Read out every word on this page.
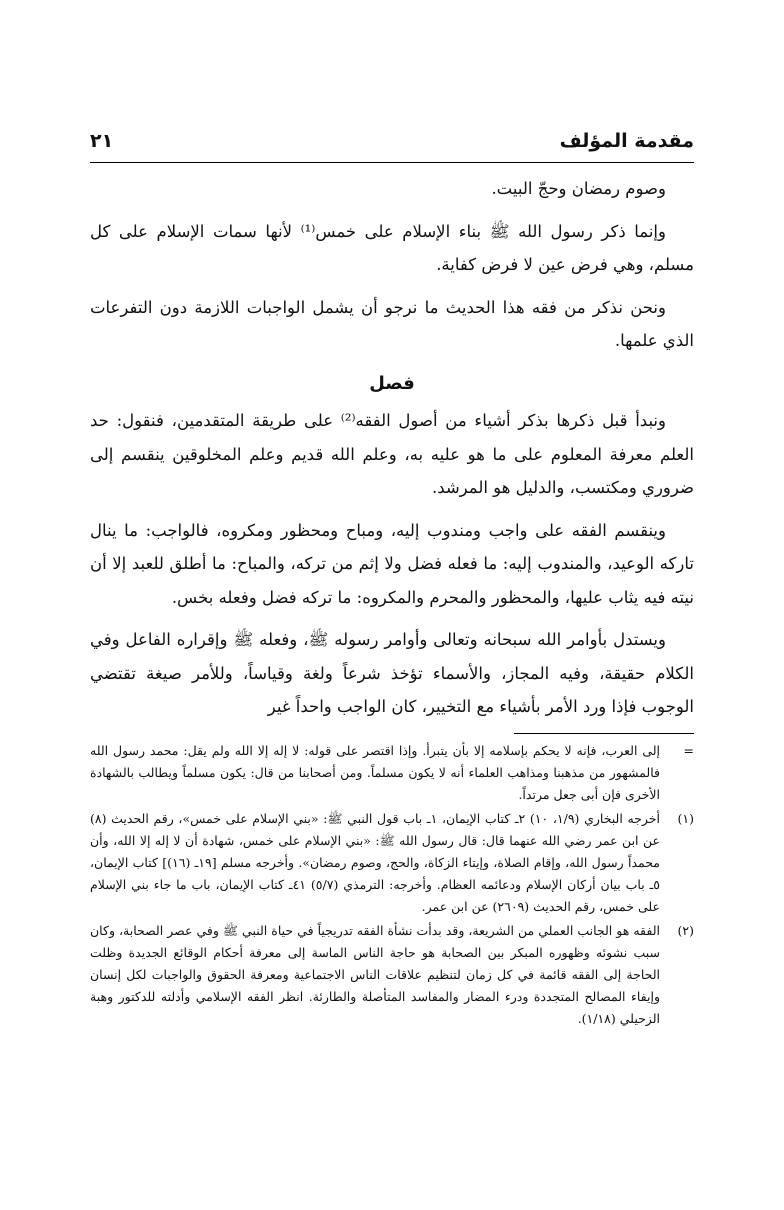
مقدمة المؤلف
٢١

وصوم رمضان وحجّ البيت.

وإنما ذكر رسول الله ﷺ بناء الإسلام على خمس⁽¹⁾ لأنها سمات الإسلام على كل مسلم، وهي فرض عين لا فرض كفاية.

ونحن نذكر من فقه هذا الحديث ما نرجو أن يشمل الواجبات اللازمة دون التفرعات الذي علمها.

فصل

ونبدأ قبل ذكرها بذكر أشياء من أصول الفقه⁽²⁾ على طريقة المتقدمين، فنقول: حد العلم معرفة المعلوم على ما هو عليه به، وعلم الله قديم وعلم المخلوقين ينقسم إلى ضروري ومكتسب، والدليل هو المرشد.

وينقسم الفقه على واجب ومندوب إليه، ومباح ومحظور ومكروه، فالواجب: ما ينال تاركه الوعيد، والمندوب إليه: ما فعله فضل ولا إثم من تركه، والمباح: ما أطلق للعبد إلا أن نيته فيه يثاب عليها، والمحظور والمحرم والمكروه: ما تركه فضل وفعله بخس.

ويستدل بأوامر الله سبحانه وتعالى وأوامر رسوله ﷺ، وفعله ﷺ وإقراره الفاعل وفي الكلام حقيقة، وفيه المجاز، والأسماء تؤخذ شرعاً ولغة وقياساً، وللأمر صيغة تقتضي الوجوب فإذا ورد الأمر بأشياء مع التخيير، كان الواجب واحداً غير

=
إلى العرب، فإنه لا يحكم بإسلامه إلا بأن يتبرأ. وإذا اقتصر على قوله: لا إله إلا الله ولم يقل: محمد رسول الله فالمشهور من مذهبنا ومذاهب العلماء أنه لا يكون مسلماً. ومن أصحابنا من قال: يكون مسلماً ويطالب بالشهادة الأخرى فإن أبى جعل مرتداً.
(١)
أخرجه البخاري (١/٩، ١٠) ٢ـ كتاب الإيمان، ١ـ باب قول النبي ﷺ: «بني الإسلام على خمس»، رقم الحديث (٨) عن ابن عمر رضي الله عنهما قال: قال رسول الله ﷺ: «بني الإسلام على خمس، شهادة أن لا إله إلا الله، وأن محمداً رسول الله، وإقام الصلاة، وإيتاء الزكاة، والحج، وصوم رمضان». وأخرجه مسلم [١٩ـ (١٦)] كتاب الإيمان، ٥ـ باب بيان أركان الإسلام ودعائمه العظام. وأخرجه: الترمذي (٥/٧) ٤١ـ كتاب الإيمان، باب ما جاء بني الإسلام على خمس، رقم الحديث (٢٦٠٩) عن ابن عمر.
(٢)
الفقه هو الجانب العملي من الشريعة، وقد بدأت نشأة الفقه تدريجياً في حياة النبي ﷺ وفي عصر الصحابة، وكان سبب نشوئه وظهوره المبكر بين الصحابة هو حاجة الناس الماسة إلى معرفة أحكام الوقائع الجديدة وظلت الحاجة إلى الفقه قائمة في كل زمان لتنظيم علاقات الناس الاجتماعية ومعرفة الحقوق والواجبات لكل إنسان وإيفاء المصالح المتجددة ودرء المضار والمفاسد المتأصلة والطارئة. انظر الفقه الإسلامي وأدلته للدكتور وهبة الزحيلي (١/١٨).
